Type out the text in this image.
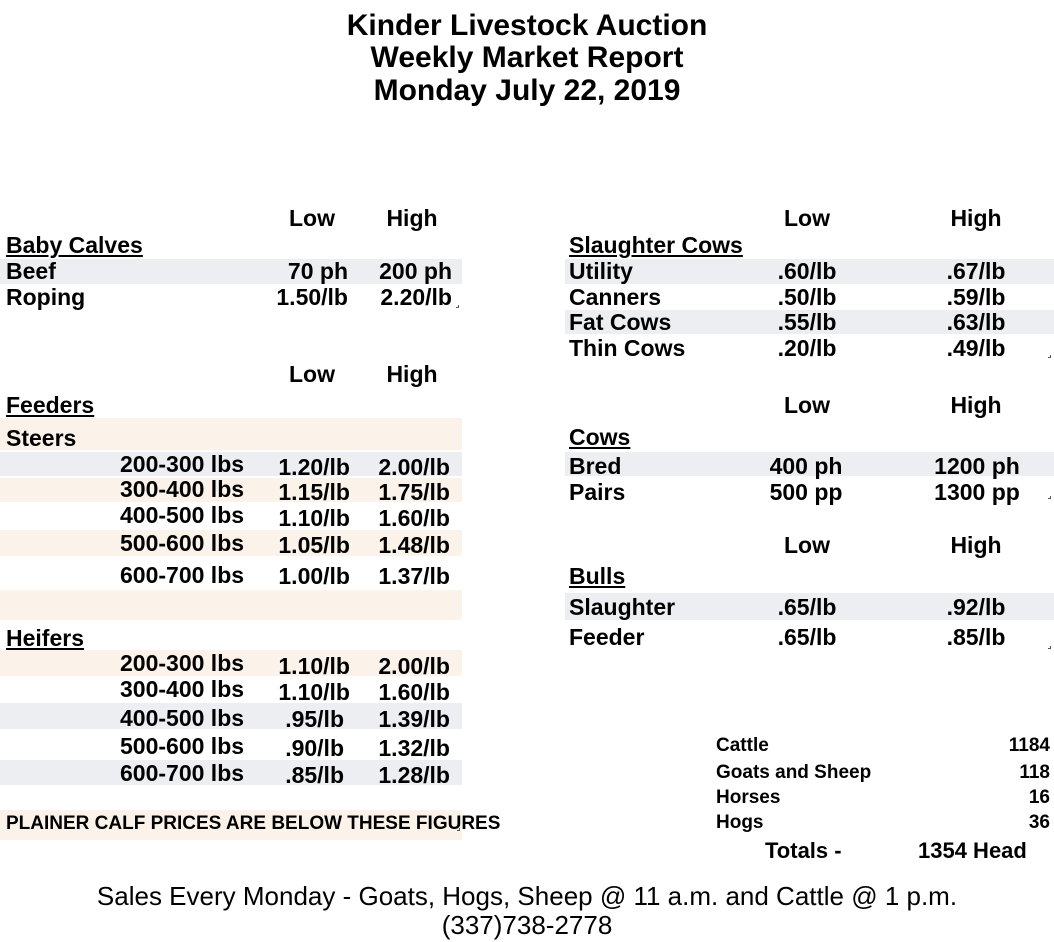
Kinder Livestock Auction
Weekly Market Report
Monday July 22, 2019
Low	High
Baby Calves
Beef	70 ph	200 ph
Roping	1.50/lb	2.20/lb
Low	High
Feeders
Steers
200-300 lbs	1.20/lb	2.00/lb
300-400 lbs	1.15/lb	1.75/lb
400-500 lbs	1.10/lb	1.60/lb
500-600 lbs	1.05/lb	1.48/lb
600-700 lbs	1.00/lb	1.37/lb
Heifers
200-300 lbs	1.10/lb	2.00/lb
300-400 lbs	1.10/lb	1.60/lb
400-500 lbs	.95/lb	1.39/lb
500-600 lbs	.90/lb	1.32/lb
600-700 lbs	.85/lb	1.28/lb
PLAINER CALF PRICES ARE BELOW THESE FIGURES
Low	High
Slaughter Cows
Utility	.60/lb	.67/lb
Canners	.50/lb	.59/lb
Fat Cows	.55/lb	.63/lb
Thin Cows	.20/lb	.49/lb
Low	High
Cows
Bred	400 ph	1200 ph
Pairs	500 pp	1300 pp
Low	High
Bulls
Slaughter	.65/lb	.92/lb
Feeder	.65/lb	.85/lb
Cattle	1184
Goats and Sheep	118
Horses	16
Hogs	36
Totals -	1354 Head
Sales Every Monday - Goats, Hogs, Sheep @ 11 a.m. and Cattle @ 1 p.m.
(337)738-2778
